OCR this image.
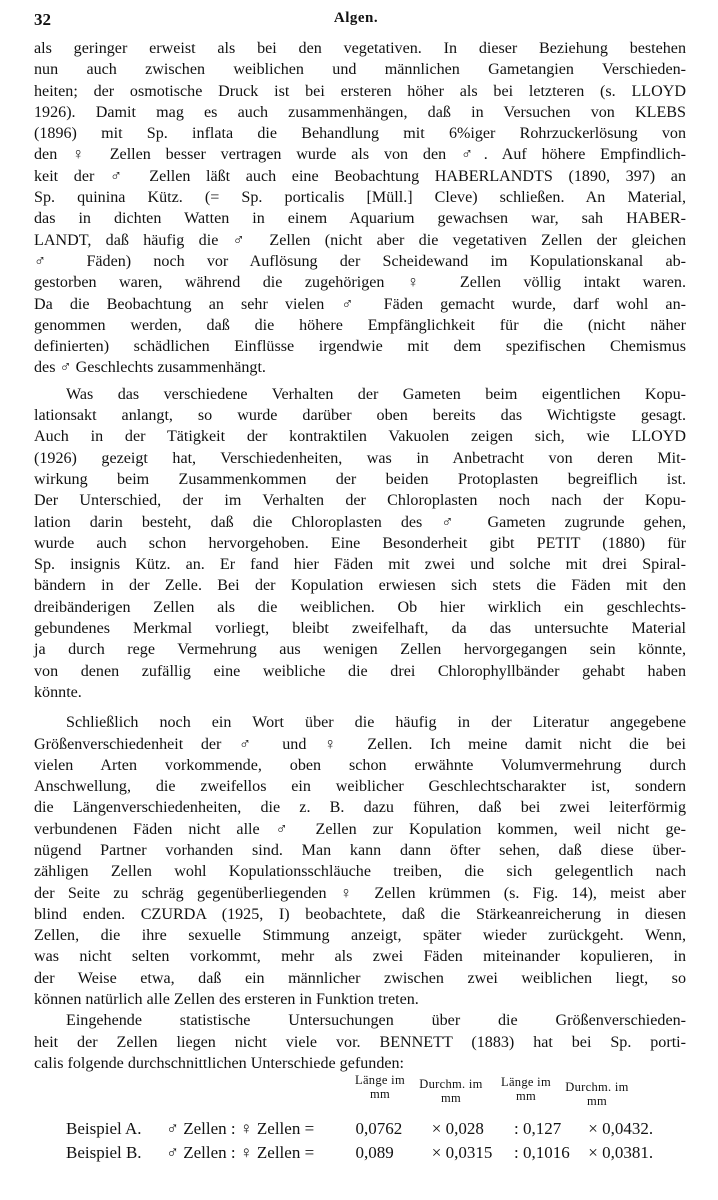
32	Algen.

als geringer erweist als bei den vegetativen. In dieser Beziehung bestehen
nun auch zwischen weiblichen und männlichen Gametangien Verschieden-
heiten; der osmotische Druck ist bei ersteren höher als bei letzteren (s. LLOYD
1926). Damit mag es auch zusammenhängen, daß in Versuchen von KLEBS
(1896) mit Sp. inflata die Behandlung mit 6%iger Rohrzuckerlösung von
den ♀ Zellen besser vertragen wurde als von den ♂. Auf höhere Empfindlich-
keit der ♂ Zellen läßt auch eine Beobachtung HABERLANDTS (1890, 397) an
Sp. quinina Kütz. (= Sp. porticalis [Müll.] Cleve) schließen. An Material,
das in dichten Watten in einem Aquarium gewachsen war, sah HABER-
LANDT, daß häufig die ♂ Zellen (nicht aber die vegetativen Zellen der gleichen
♂ Fäden) noch vor Auflösung der Scheidewand im Kopulationskanal ab-
gestorben waren, während die zugehörigen ♀ Zellen völlig intakt waren.
Da die Beobachtung an sehr vielen ♂ Fäden gemacht wurde, darf wohl an-
genommen werden, daß die höhere Empfänglichkeit für die (nicht näher
definierten) schädlichen Einflüsse irgendwie mit dem spezifischen Chemismus
des ♂ Geschlechts zusammenhängt.

Was das verschiedene Verhalten der Gameten beim eigentlichen Kopu-
lationsakt anlangt, so wurde darüber oben bereits das Wichtigste gesagt.
Auch in der Tätigkeit der kontraktilen Vakuolen zeigen sich, wie LLOYD
(1926) gezeigt hat, Verschiedenheiten, was in Anbetracht von deren Mit-
wirkung beim Zusammenkommen der beiden Protoplasten begreiflich ist.
Der Unterschied, der im Verhalten der Chloroplasten noch nach der Kopu-
lation darin besteht, daß die Chloroplasten des ♂ Gameten zugrunde gehen,
wurde auch schon hervorgehoben. Eine Besonderheit gibt PETIT (1880) für
Sp. insignis Kütz. an. Er fand hier Fäden mit zwei und solche mit drei Spiral-
bändern in der Zelle. Bei der Kopulation erwiesen sich stets die Fäden mit den
dreibänderigen Zellen als die weiblichen. Ob hier wirklich ein geschlechts-
gebundenes Merkmal vorliegt, bleibt zweifelhaft, da das untersuchte Material
ja durch rege Vermehrung aus wenigen Zellen hervorgegangen sein könnte,
von denen zufällig eine weibliche die drei Chlorophyllbänder gehabt haben
könnte.

Schließlich noch ein Wort über die häufig in der Literatur angegebene
Größenverschiedenheit der ♂ und ♀ Zellen. Ich meine damit nicht die bei
vielen Arten vorkommende, oben schon erwähnte Volumvermehrung durch
Anschwellung, die zweifellos ein weiblicher Geschlechtscharakter ist, sondern
die Längenverschiedenheiten, die z. B. dazu führen, daß bei zwei leiterförmig
verbundenen Fäden nicht alle ♂ Zellen zur Kopulation kommen, weil nicht ge-
nügend Partner vorhanden sind. Man kann dann öfter sehen, daß diese über-
zähligen Zellen wohl Kopulationsschläuche treiben, die sich gelegentlich nach
der Seite zu schräg gegenüberliegenden ♀ Zellen krümmen (s. Fig. 14), meist aber
blind enden. CZURDA (1925, I) beobachtete, daß die Stärkeanreicherung in diesen
Zellen, die ihre sexuelle Stimmung anzeigt, später wieder zurückgeht. Wenn,
was nicht selten vorkommt, mehr als zwei Fäden miteinander kopulieren, in
der Weise etwa, daß ein männlicher zwischen zwei weiblichen liegt, so
können natürlich alle Zellen des ersteren in Funktion treten.

Eingehende statistische Untersuchungen über die Größenverschieden-
heit der Zellen liegen nicht viele vor. BENNETT (1883) hat bei Sp. porti-
calis folgende durchschnittlichen Unterschiede gefunden:

Länge im mm
Durchm. im mm
Länge im mm
Durchm. im mm
Beispiel A. ♂ Zellen : ♀ Zellen = 0,0762 × 0,028 : 0,127 × 0,0432.
Beispiel B. ♂ Zellen : ♀ Zellen = 0,089 × 0,0315 : 0,1016 × 0,0381.
